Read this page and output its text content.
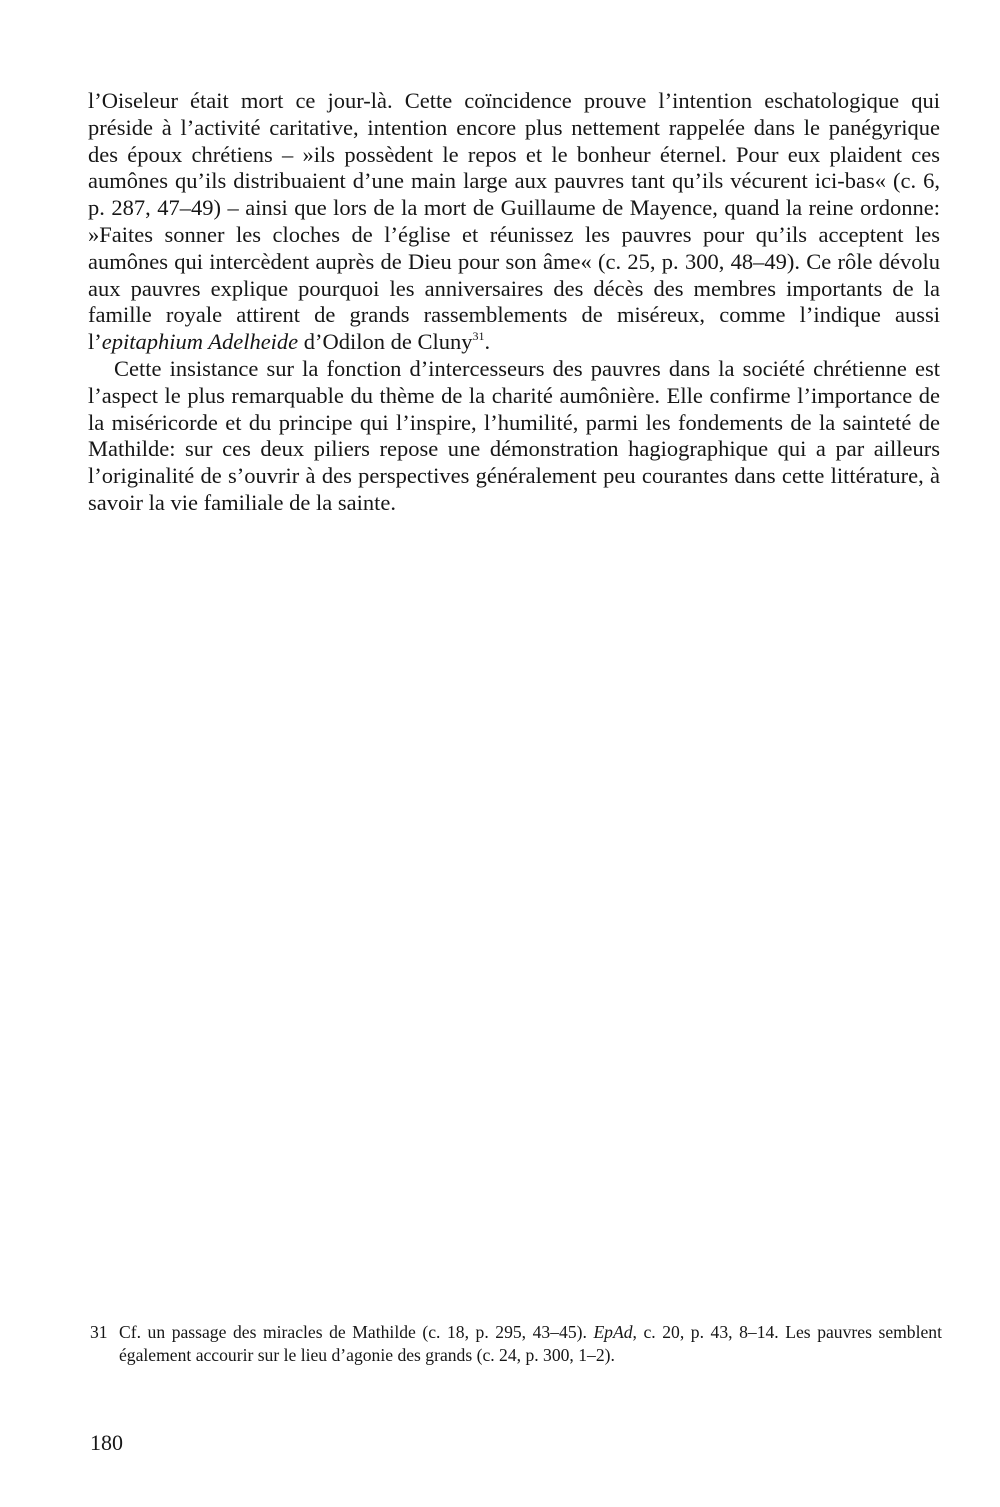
l’Oiseleur était mort ce jour-là. Cette coïncidence prouve l’intention eschatologique qui préside à l’activité caritative, intention encore plus nettement rappelée dans le panégyrique des époux chrétiens – »ils possèdent le repos et le bonheur éternel. Pour eux plaident ces aumônes qu’ils distribuaient d’une main large aux pauvres tant qu’ils vécurent ici-bas« (c. 6, p. 287, 47–49) – ainsi que lors de la mort de Guillaume de Mayence, quand la reine ordonne: »Faites sonner les cloches de l’église et réunissez les pauvres pour qu’ils acceptent les aumônes qui intercèdent auprès de Dieu pour son âme« (c. 25, p. 300, 48–49). Ce rôle dévolu aux pauvres explique pourquoi les anniversaires des décès des membres importants de la famille royale attirent de grands rassemblements de miséreux, comme l’indique aussi l’epitaphium Adelheide d’Odilon de Cluny$^{31}$.

Cette insistance sur la fonction d’intercesseurs des pauvres dans la société chrétienne est l’aspect le plus remarquable du thème de la charité aumônière. Elle confirme l’importance de la miséricorde et du principe qui l’inspire, l’humilité, parmi les fondements de la sainteté de Mathilde: sur ces deux piliers repose une démonstration hagiographique qui a par ailleurs l’originalité de s’ouvrir à des perspectives généralement peu courantes dans cette littérature, à savoir la vie familiale de la sainte.

31 Cf. un passage des miracles de Mathilde (c. 18, p. 295, 43–45). EpAd, c. 20, p. 43, 8–14. Les pauvres semblent également accourir sur le lieu d’agonie des grands (c. 24, p. 300, 1–2).
180
